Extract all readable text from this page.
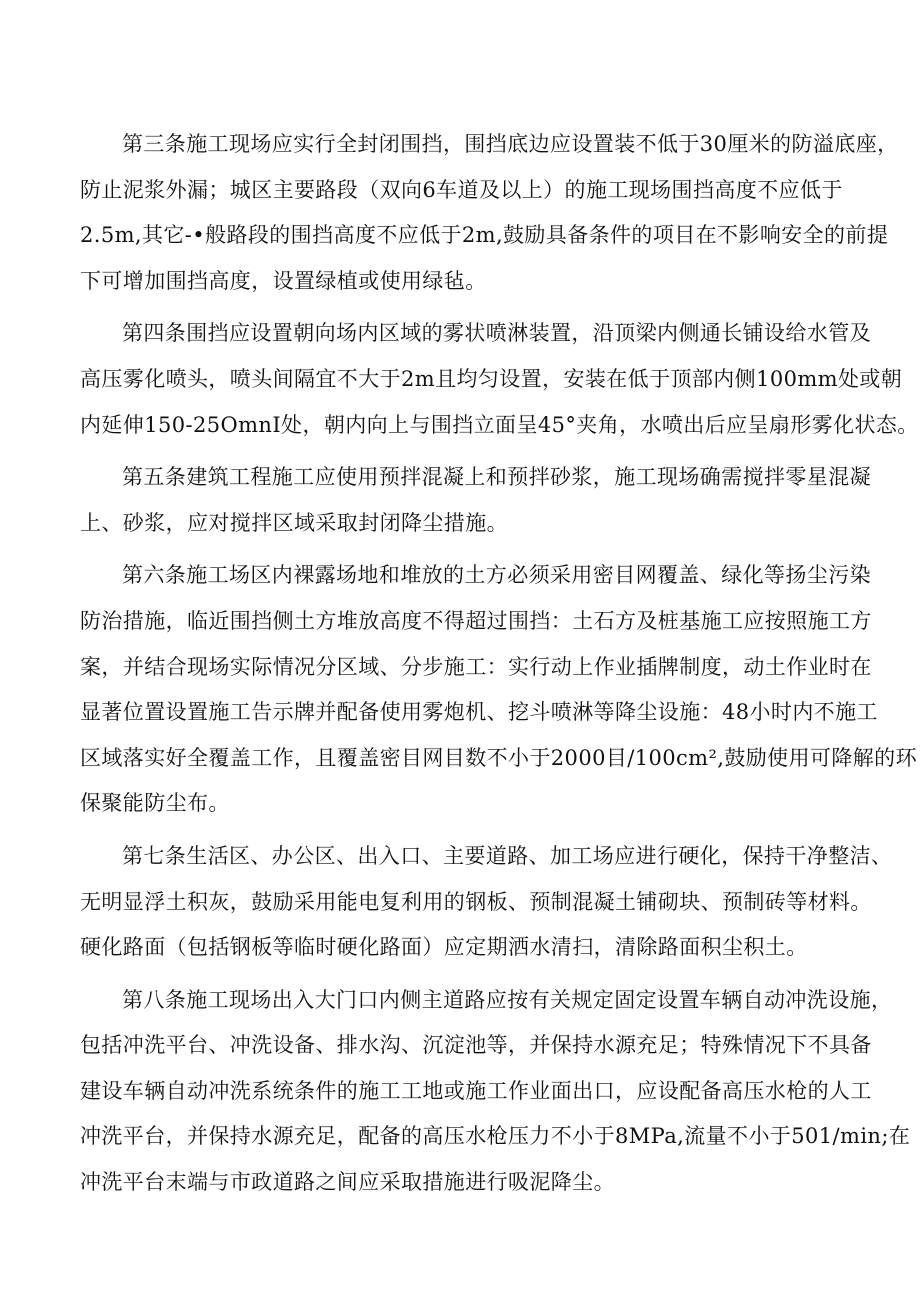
第三条施工现场应实行全封闭围挡，围挡底边应设置装不低于30厘米的防溢底座，
防止泥浆外漏；城区主要路段（双向6车道及以上）的施工现场围挡高度不应低于
2.5m,其它-•般路段的围挡高度不应低于2m,鼓励具备条件的项目在不影响安全的前提
下可增加围挡高度，设置绿植或使用绿毡。

第四条围挡应设置朝向场内区域的雾状喷淋装置，沿顶梁内侧通长铺设给水管及
高压雾化喷头，喷头间隔宜不大于2m且均匀设置，安装在低于顶部内侧100mm处或朝
内延伸150-25OmnI处，朝内向上与围挡立面呈45°夹角，水喷出后应呈扇形雾化状态。

第五条建筑工程施工应使用预拌混凝上和预拌砂浆，施工现场确需搅拌零星混凝
上、砂浆，应对搅拌区域采取封闭降尘措施。

第六条施工场区内裸露场地和堆放的土方必须采用密目网覆盖、绿化等扬尘污染
防治措施，临近围挡侧土方堆放高度不得超过围挡：土石方及桩基施工应按照施工方
案，并结合现场实际情况分区域、分步施工：实行动上作业插牌制度，动土作业时在
显著位置设置施工告示牌并配备使用雾炮机、挖斗喷淋等降尘设施：48小时内不施工
区域落实好全覆盖工作，且覆盖密目网目数不小于2000目/100cm²,鼓励使用可降解的环
保聚能防尘布。

第七条生活区、办公区、出入口、主要道路、加工场应进行硬化，保持干净整洁、
无明显浮土积灰，鼓励采用能电复利用的钢板、预制混凝土铺砌块、预制砖等材料。
硬化路面（包括钢板等临时硬化路面）应定期洒水清扫，清除路面积尘积土。

第八条施工现场出入大门口内侧主道路应按有关规定固定设置车辆自动冲洗设施，
包括冲洗平台、冲洗设备、排水沟、沉淀池等，并保持水源充足；特殊情况下不具备
建设车辆自动冲洗系统条件的施工工地或施工作业面出口，应设配备高压水枪的人工
冲洗平台，并保持水源充足，配备的高压水枪压力不小于8MPa,流量不小于501∕min;在
冲洗平台末端与市政道路之间应采取措施进行吸泥降尘。
